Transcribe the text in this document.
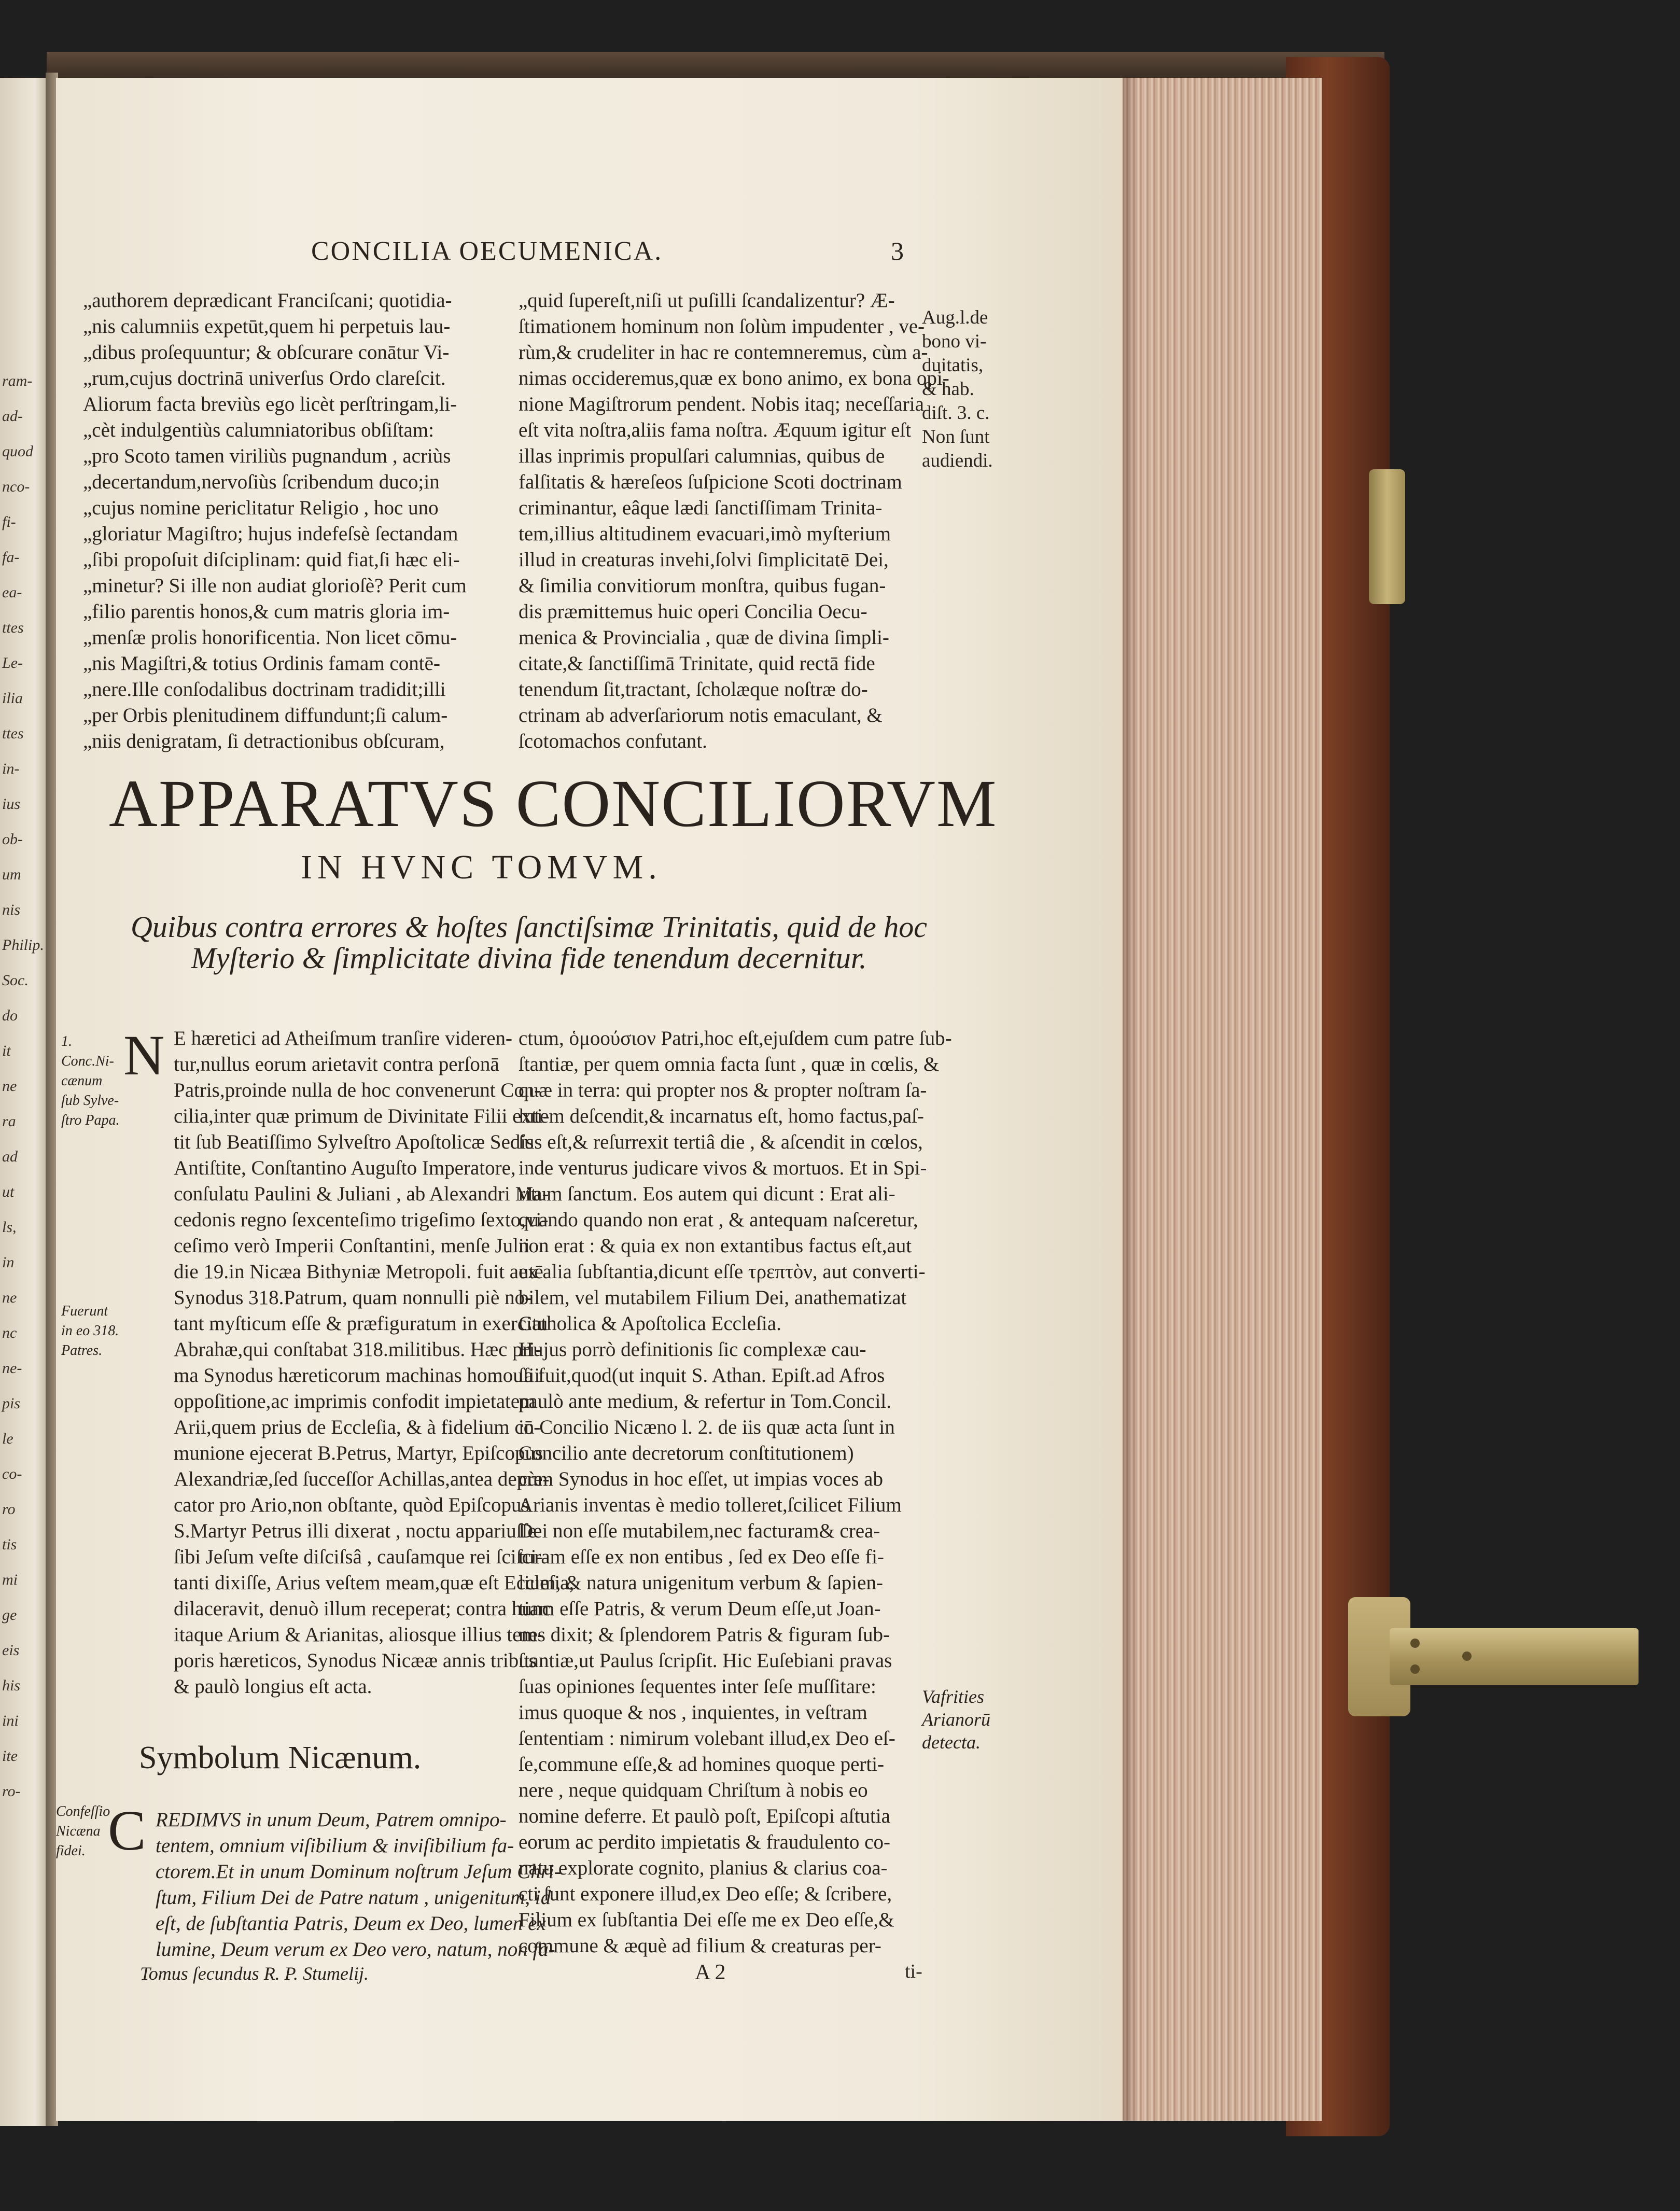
ram-
ad-
quod
nco-
fi-
fa-
ea-
ttes
Le-
ilia
ttes
in-
ius
ob-
um
nis
Philip.
Soc.
do
it
ne
ra
ad
ut
ls,
in
ne
nc
ne-
pis
le
co-
ro
tis
mi
ge
eis
his
ini
ite
ro-
CONCILIA OECUMENICA.	3
„authorem deprædicant Franciſcani; quotidia-
„nis calumniis expetūt,quem hi perpetuis lau-
„dibus proſequuntur; & obſcurare conātur Vi-
„rum,cujus doctrinā univerſus Ordo clareſcit.
Aliorum facta breviùs ego licèt perſtringam,li-
„cèt indulgentiùs calumniatoribus obſiſtam:
„pro Scoto tamen viriliùs pugnandum , acriùs
„decertandum,nervoſiùs ſcribendum duco;in
„cujus nomine periclitatur Religio , hoc uno
„gloriatur Magiſtro; hujus indefeſsè ſectandam
„ſibi propoſuit diſciplinam: quid fiat,ſi hæc eli-
„minetur? Si ille non audiat glorioſè? Perit cum
„filio parentis honos,& cum matris gloria im-
„menſæ prolis honorificentia. Non licet cōmu-
„nis Magiſtri,& totius Ordinis famam contē-
„nere.Ille conſodalibus doctrinam tradidit;illi
„per Orbis plenitudinem diffundunt;ſi calum-
„niis denigratam, ſi detractionibus obſcuram,
„quid ſupereſt,niſi ut puſilli ſcandalizentur? Æ-
ſtimationem hominum non ſolùm impudenter , ve-
rùm,& crudeliter in hac re contemneremus, cùm a-
nimas occideremus,quæ ex bono animo, ex bona opi-
nione Magiſtrorum pendent. Nobis itaq; neceſſaria
eſt vita noſtra,aliis fama noſtra. Æquum igitur eſt
illas inprimis propulſari calumnias, quibus de
falſitatis & hæreſeos ſuſpicione Scoti doctrinam
criminantur, eâque lædi ſanctiſſimam Trinita-
tem,illius altitudinem evacuari,imò myſterium
illud in creaturas invehi,ſolvi ſimplicitatē Dei,
& ſimilia convitiorum monſtra, quibus fugan-
dis præmittemus huic operi Concilia Oecu-
menica & Provincialia , quæ de divina ſimpli-
citate,& ſanctiſſimā Trinitate, quid rectā fide
tenendum ſit,tractant, ſcholæque noſtræ do-
ctrinam ab adverſariorum notis emaculant, &
ſcotomachos confutant.
Aug.l.de
bono vi-
duitatis,
& hab.
diſt. 3. c.
Non ſunt
audiendi.
APPARATVS CONCILIORVM
IN HVNC TOMVM.
Quibus contra errores & hoſtes ſanctiſsimæ Trinitatis, quid de hoc Myſterio & ſimplicitate divina fide tenendum decernitur.
N E hæretici ad Atheiſmum tranſire videren-
tur,nullus eorum arietavit contra perſonā
Patris,proinde nulla de hoc convenerunt Con-
cilia,inter quæ primum de Divinitate Filii exti-
tit ſub Beatiſſimo Sylveſtro Apoſtolicæ Sedis
Antiſtite, Conſtantino Auguſto Imperatore,
conſulatu Paulini & Juliani , ab Alexandri Ma-
cedonis regno ſexcenteſimo trigeſimo ſexto,vi-
ceſimo verò Imperii Conſtantini, menſe Julii
die 19.in Nicæa Bithyniæ Metropoli. fuit autē
Synodus 318.Patrum, quam nonnulli piè no-
tant myſticum eſſe & præfiguratum in exercitu
Abrahæ,qui conſtabat 318.militibus. Hæc pri-
ma Synodus hæreticorum machinas homouſii
oppoſitione,ac imprimis confodit impietatem
Arii,quem prius de Eccleſia, & à fidelium cō-
munione ejecerat B.Petrus, Martyr, Epiſcopus
Alexandriæ,ſed ſucceſſor Achillas,antea depre-
cator pro Ario,non obſtante, quòd Epiſcopus
S.Martyr Petrus illi dixerat , noctu appariuſſe
ſibi Jeſum veſte diſciſsâ , cauſamque rei ſciſci-
tanti dixiſſe, Arius veſtem meam,quæ eſt Eccleſia,
dilaceravit, denuò illum receperat; contra hunc
itaque Arium & Arianitas, aliosque illius tem-
poris hæreticos, Synodus Nicææ annis tribus
& paulò longius eſt acta.
1.
Conc.Ni-
cænum
ſub Sylve-
ſtro Papa.
Fuerunt
in eo 318.
Patres.
Symbolum Nicænum.
C REDIMVS in unum Deum, Patrem omnipo-
tentem, omnium viſibilium & inviſibilium fa-
ctorem.Et in unum Dominum noſtrum Jeſum Chri-
ſtum, Filium Dei de Patre natum , unigenitum, id
eſt, de ſubſtantia Patris, Deum ex Deo, lumen ex
lumine, Deum verum ex Deo vero, natum, non fa-
Confeſſio
Nicæna
fidei.
Tomus ſecundus R. P. Stumelij.
ctum, ὁμοούσιον Patri,hoc eſt,ejuſdem cum patre ſub-
ſtantiæ, per quem omnia facta ſunt , quæ in cœlis, &
quæ in terra: qui propter nos & propter noſtram ſa-
lutem deſcendit,& incarnatus eſt, homo factus,paſ-
ſus eſt,& reſurrexit tertiâ die , & aſcendit in cœlos,
inde venturus judicare vivos & mortuos. Et in Spi-
ritum ſanctum. Eos autem qui dicunt : Erat ali-
quando quando non erat , & antequam naſceretur,
non erat : & quia ex non extantibus factus eſt,aut
ex alia ſubſtantia,dicunt eſſe τρεπτὸν, aut converti-
bilem, vel mutabilem Filium Dei, anathematizat
Catholica & Apoſtolica Eccleſia.
Hujus porrò definitionis ſic complexæ cau-
ſa fuit,quod(ut inquit S. Athan. Epiſt.ad Afros
paulò ante medium, & refertur in Tom.Concil.
in Concilio Nicæno l. 2. de iis quæ acta ſunt in
Concilio ante decretorum conſtitutionem)
cùm Synodus in hoc eſſet, ut impias voces ab
Arianis inventas è medio tolleret,ſcilicet Filium
Dei non eſſe mutabilem,nec facturam& crea-
turam eſſe ex non entibus , ſed ex Deo eſſe fi-
lium, & natura unigenitum verbum & ſapien-
tiam eſſe Patris, & verum Deum eſſe,ut Joan-
nes dixit; & ſplendorem Patris & figuram ſub-
ſtantiæ,ut Paulus ſcripſit. Hic Euſebiani pravas
ſuas opiniones ſequentes inter ſeſe muſſitare:
imus quoque & nos , inquientes, in veſtram
ſententiam : nimirum volebant illud,ex Deo eſ-
ſe,commune eſſe,& ad homines quoque perti-
nere , neque quidquam Chriſtum à nobis eo
nomine deferre. Et paulò poſt, Epiſcopi aſtutia
eorum ac perdito impietatis & fraudulento co-
natu explorate cognito, planius & clarius coa-
cti ſunt exponere illud,ex Deo eſſe; & ſcribere,
Filium ex ſubſtantia Dei eſſe me ex Deo eſſe,&
commune & æquè ad filium & creaturas per-
Vafrities
Arianorū
detecta.
A 2	ti-
